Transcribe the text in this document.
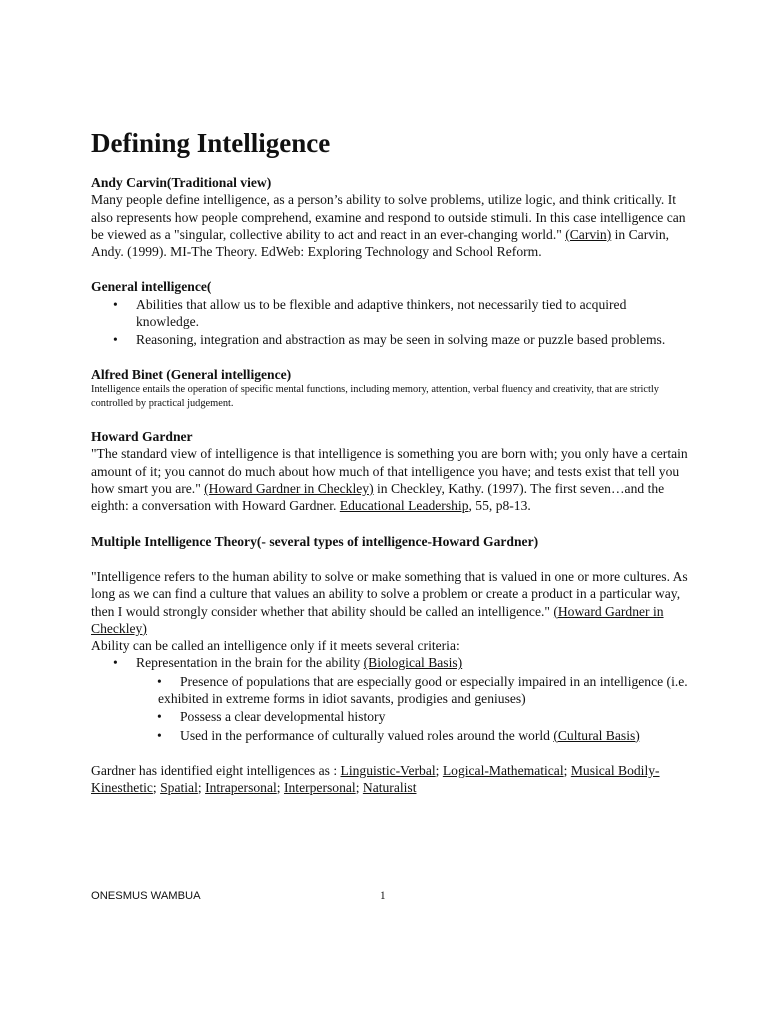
Defining Intelligence

Andy Carvin(Traditional view)

Many people define intelligence, as a person’s ability to solve problems, utilize logic, and think critically. It also represents how people comprehend, examine and respond to outside stimuli. In this case intelligence can be viewed as a "singular, collective ability to act and react in an ever-changing world." (Carvin) in Carvin, Andy. (1999). MI-The Theory. EdWeb: Exploring Technology and School Reform.

General intelligence(

• Abilities that allow us to be flexible and adaptive thinkers, not necessarily tied to acquired knowledge.
• Reasoning, integration and abstraction as may be seen in solving maze or puzzle based problems.

Alfred Binet (General intelligence)

Intelligence entails the operation of specific mental functions, including memory, attention, verbal fluency and creativity, that are strictly controlled by practical judgement.

Howard Gardner

"The standard view of intelligence is that intelligence is something you are born with; you only have a certain amount of it; you cannot do much about how much of that intelligence you have; and tests exist that tell you how smart you are." (Howard Gardner in Checkley) in Checkley, Kathy. (1997). The first seven…and the eighth: a conversation with Howard Gardner. Educational Leadership, 55, p8-13.

Multiple Intelligence Theory(- several types of intelligence-Howard Gardner)

"Intelligence refers to the human ability to solve or make something that is valued in one or more cultures. As long as we can find a culture that values an ability to solve a problem or create a product in a particular way, then I would strongly consider whether that ability should be called an intelligence." (Howard Gardner in Checkley)

Ability can be called an intelligence only if it meets several criteria:

• Representation in the brain for the ability (Biological Basis)
• Presence of populations that are especially good or especially impaired in an intelligence (i.e. exhibited in extreme forms in idiot savants, prodigies and geniuses)
• Possess a clear developmental history
• Used in the performance of culturally valued roles around the world (Cultural Basis)

Gardner has identified eight intelligences as : Linguistic-Verbal; Logical-Mathematical; Musical Bodily-Kinesthetic; Spatial; Intrapersonal; Interpersonal; Naturalist

ONESMUS WAMBUA	1
